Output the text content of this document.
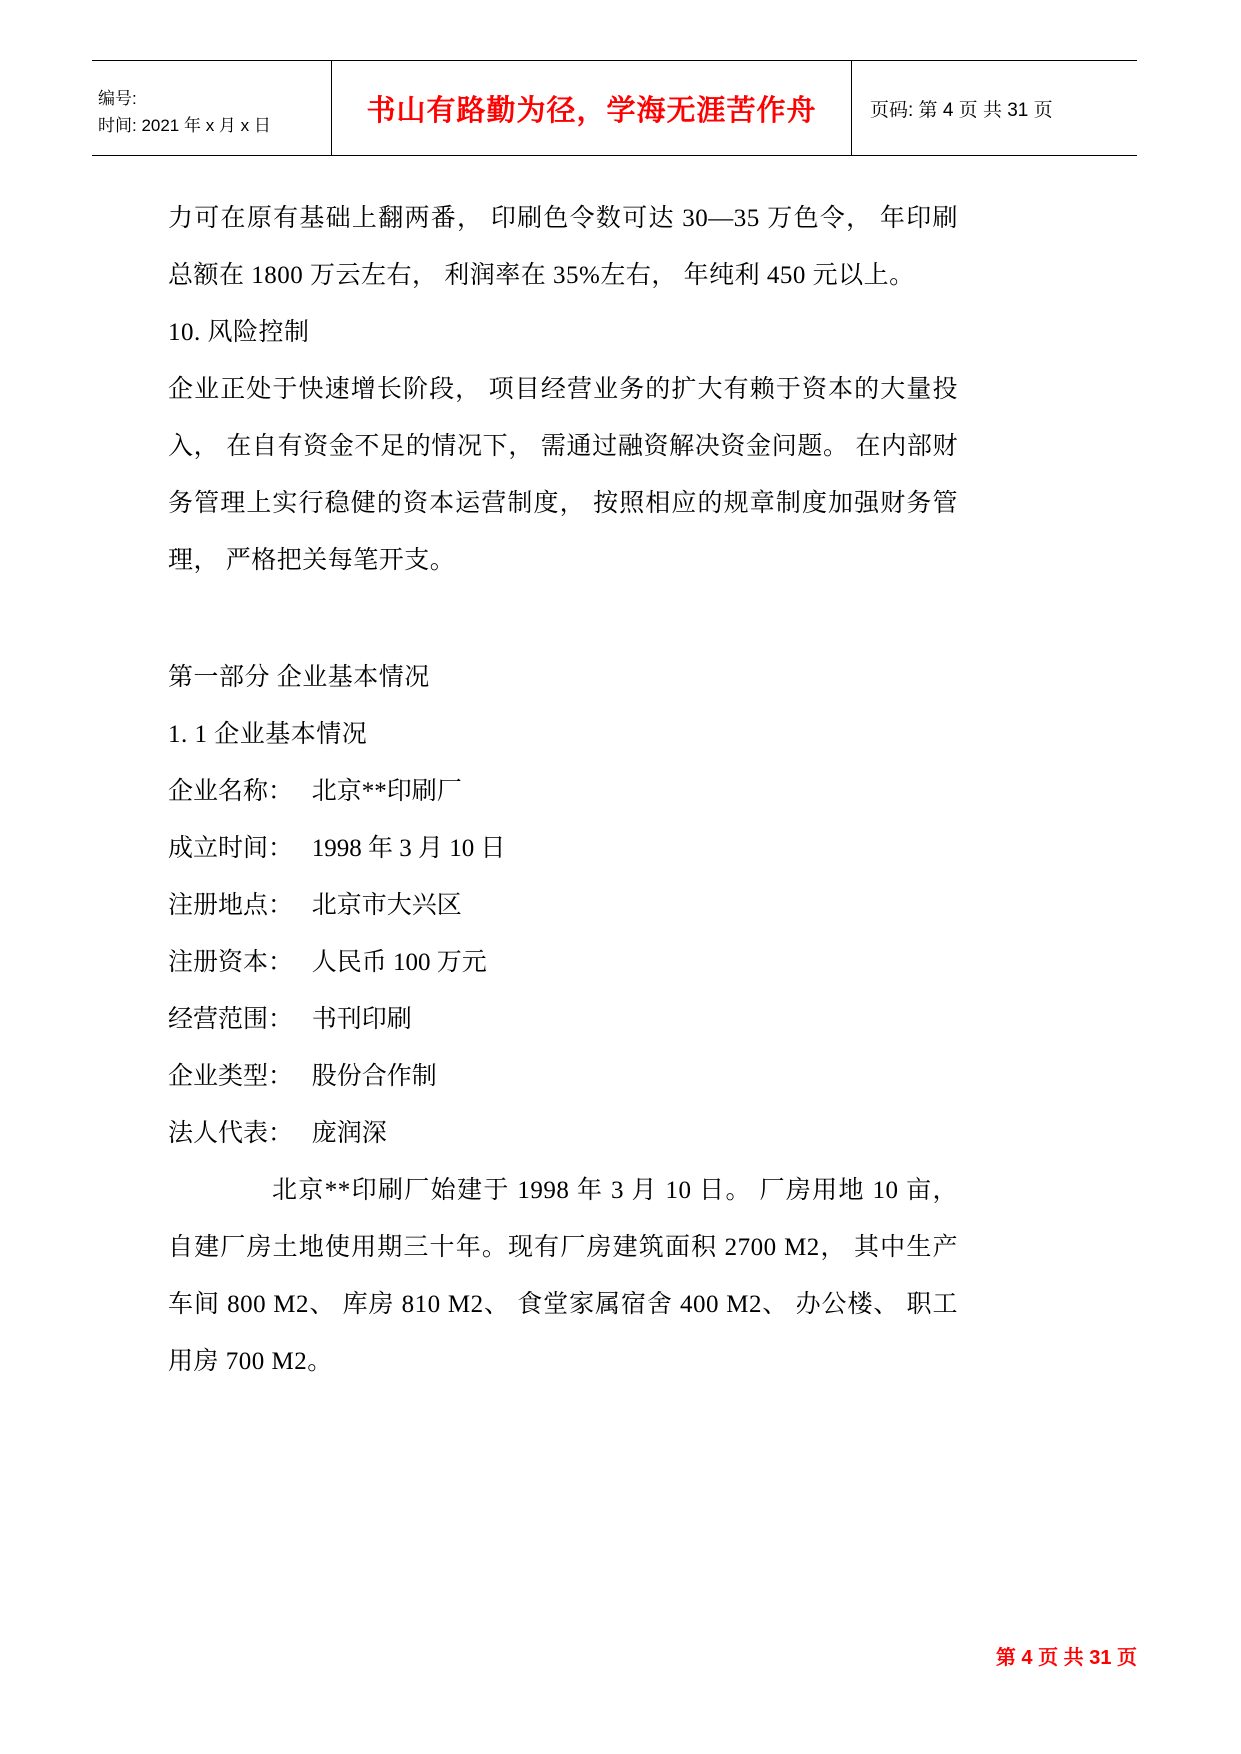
编号:
时间: 2021 年 x 月 x 日	书山有路勤为径，学海无涯苦作舟	页码: 第 4 页 共 31 页

力可在原有基础上翻两番， 印刷色令数可达 30—35 万色令， 年印刷总额在 1800 万云左右， 利润率在 35%左右， 年纯利 450 元以上。

10. 风险控制

企业正处于快速增长阶段， 项目经营业务的扩大有赖于资本的大量投入， 在自有资金不足的情况下， 需通过融资解决资金问题。 在内部财务管理上实行稳健的资本运营制度， 按照相应的规章制度加强财务管理， 严格把关每笔开支。

第一部分 企业基本情况

1. 1 企业基本情况

企业名称： 北京**印刷厂
成立时间： 1998 年 3 月 10 日
注册地点： 北京市大兴区
注册资本： 人民币 100 万元
经营范围： 书刊印刷
企业类型： 股份合作制
法人代表： 庞润深

北京**印刷厂始建于 1998 年 3 月 10 日。 厂房用地 10 亩， 自建厂房土地使用期三十年。现有厂房建筑面积 2700 M2， 其中生产车间 800 M2、 库房 810 M2、 食堂家属宿舍 400 M2、 办公楼、 职工用房 700 M2。

第 4 页 共 31 页
